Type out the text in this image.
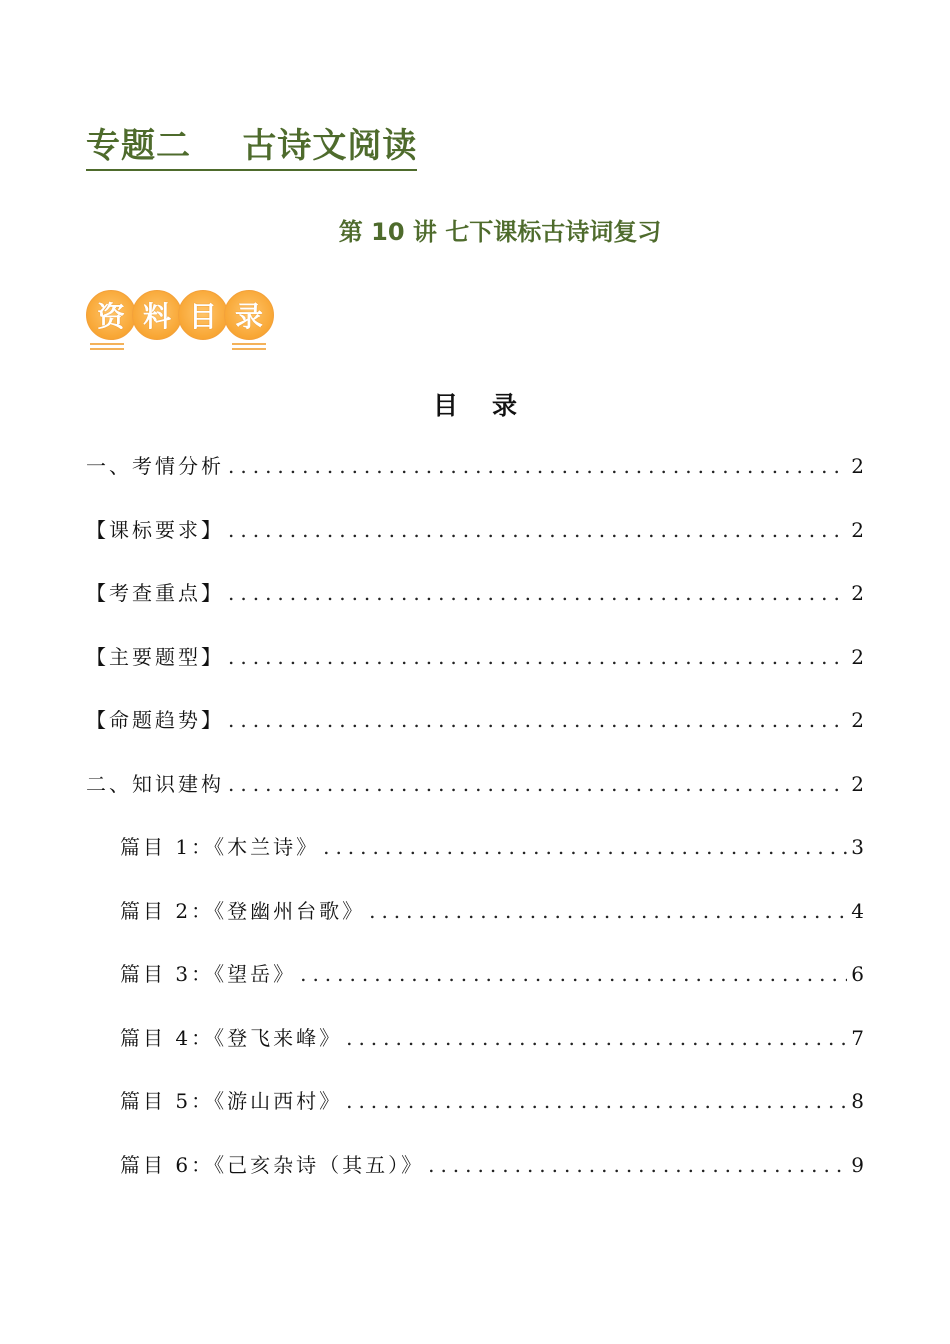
专题二    古诗文阅读
第 10 讲 七下课标古诗词复习
资 料 目 录
目录
一、考情分析 .....	2
【课标要求】 .....	2
【考查重点】 .....	2
【主要题型】 .....	2
【命题趋势】 .....	2
二、知识建构 .....	2
篇目 1：《木兰诗》 .....	3
篇目 2：《登幽州台歌》 .....	4
篇目 3：《望岳》 .....	6
篇目 4：《登飞来峰》 .....	7
篇目 5：《游山西村》 .....	8
篇目 6：《己亥杂诗（其五）》 .....	9
